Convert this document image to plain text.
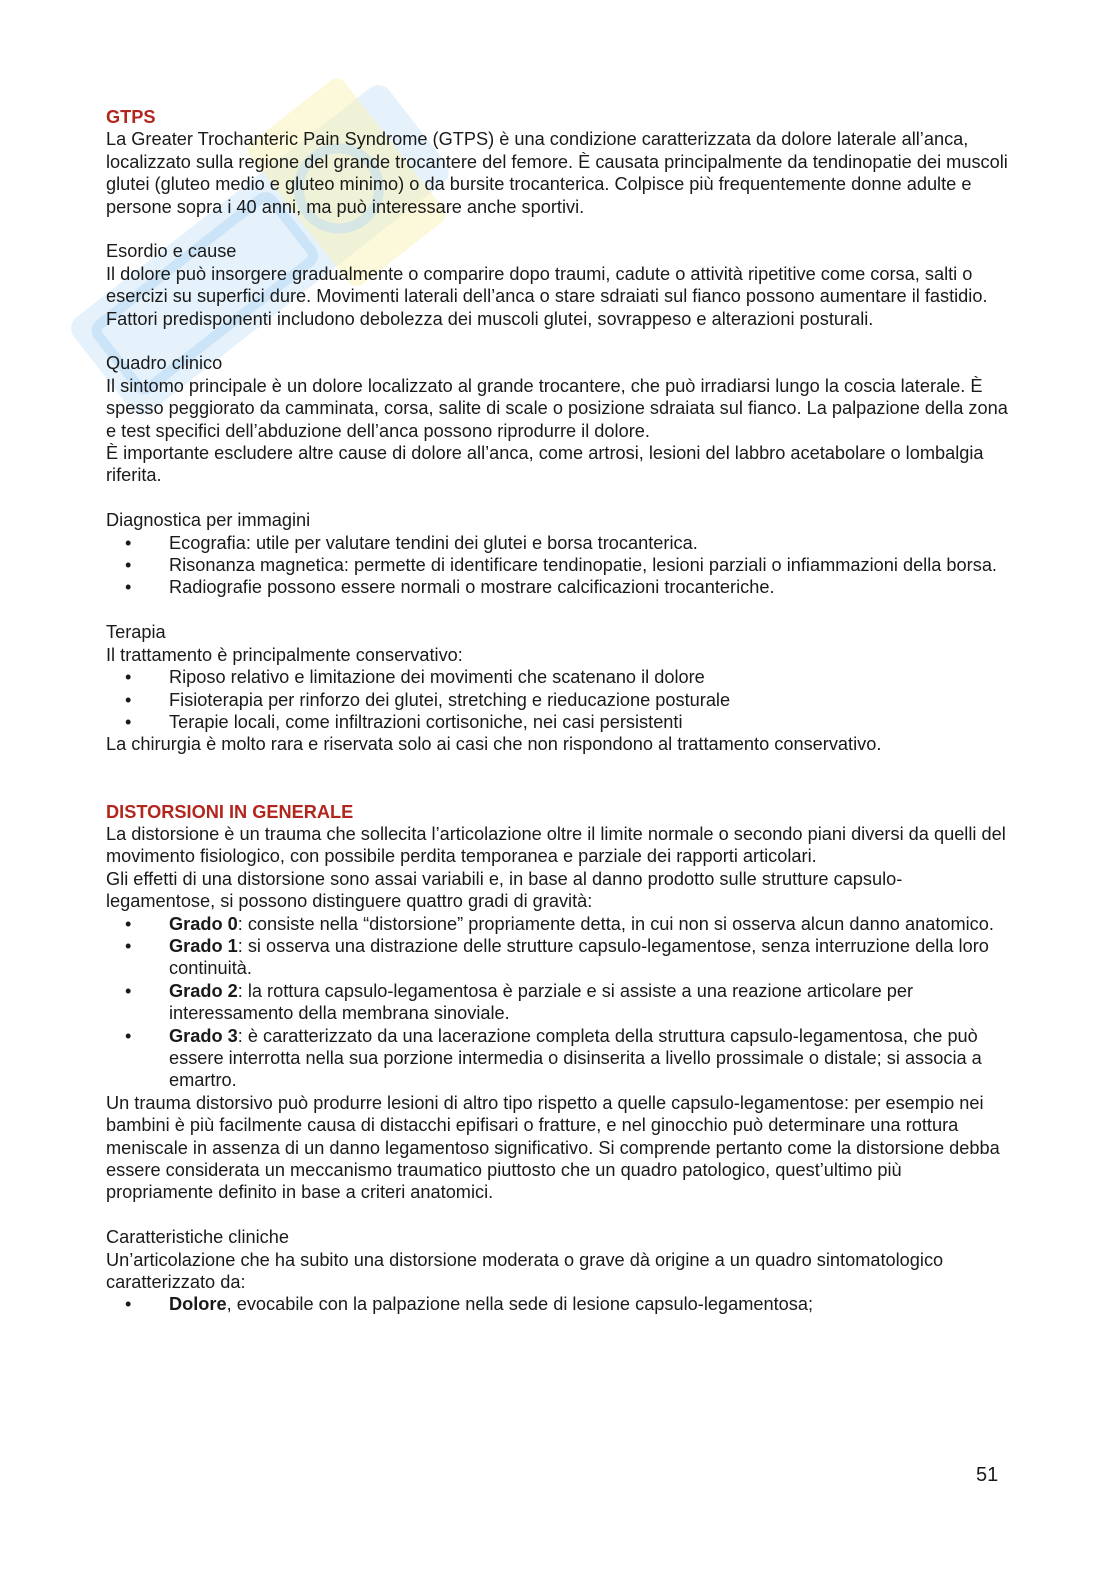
GTPS

La Greater Trochanteric Pain Syndrome (GTPS) è una condizione caratterizzata da dolore laterale all’anca, localizzato sulla regione del grande trocantere del femore. È causata principalmente da tendinopatie dei muscoli glutei (gluteo medio e gluteo minimo) o da bursite trocanterica. Colpisce più frequentemente donne adulte e persone sopra i 40 anni, ma può interessare anche sportivi.

Esordio e cause

Il dolore può insorgere gradualmente o comparire dopo traumi, cadute o attività ripetitive come corsa, salti o esercizi su superfici dure. Movimenti laterali dell’anca o stare sdraiati sul fianco possono aumentare il fastidio. Fattori predisponenti includono debolezza dei muscoli glutei, sovrappeso e alterazioni posturali.

Quadro clinico

Il sintomo principale è un dolore localizzato al grande trocantere, che può irradiarsi lungo la coscia laterale. È spesso peggiorato da camminata, corsa, salite di scale o posizione sdraiata sul fianco. La palpazione della zona e test specifici dell’abduzione dell’anca possono riprodurre il dolore.

È importante escludere altre cause di dolore all’anca, come artrosi, lesioni del labbro acetabolare o lombalgia riferita.

Diagnostica per immagini

• Ecografia: utile per valutare tendini dei glutei e borsa trocanterica.
• Risonanza magnetica: permette di identificare tendinopatie, lesioni parziali o infiammazioni della borsa.
• Radiografie possono essere normali o mostrare calcificazioni trocanteriche.

Terapia

Il trattamento è principalmente conservativo:

• Riposo relativo e limitazione dei movimenti che scatenano il dolore
• Fisioterapia per rinforzo dei glutei, stretching e rieducazione posturale
• Terapie locali, come infiltrazioni cortisoniche, nei casi persistenti

La chirurgia è molto rara e riservata solo ai casi che non rispondono al trattamento conservativo.

DISTORSIONI IN GENERALE

La distorsione è un trauma che sollecita l’articolazione oltre il limite normale o secondo piani diversi da quelli del movimento fisiologico, con possibile perdita temporanea e parziale dei rapporti articolari.

Gli effetti di una distorsione sono assai variabili e, in base al danno prodotto sulle strutture capsulo-legamentose, si possono distinguere quattro gradi di gravità:

• Grado 0: consiste nella “distorsione” propriamente detta, in cui non si osserva alcun danno anatomico.
• Grado 1: si osserva una distrazione delle strutture capsulo-legamentose, senza interruzione della loro continuità.
• Grado 2: la rottura capsulo-legamentosa è parziale e si assiste a una reazione articolare per interessamento della membrana sinoviale.
• Grado 3: è caratterizzato da una lacerazione completa della struttura capsulo-legamentosa, che può essere interrotta nella sua porzione intermedia o disinserita a livello prossimale o distale; si associa a emartro.

Un trauma distorsivo può produrre lesioni di altro tipo rispetto a quelle capsulo-legamentose: per esempio nei bambini è più facilmente causa di distacchi epifisari o fratture, e nel ginocchio può determinare una rottura meniscale in assenza di un danno legamentoso significativo. Si comprende pertanto come la distorsione debba essere considerata un meccanismo traumatico piuttosto che un quadro patologico, quest’ultimo più propriamente definito in base a criteri anatomici.

Caratteristiche cliniche

Un’articolazione che ha subito una distorsione moderata o grave dà origine a un quadro sintomatologico caratterizzato da:

• Dolore, evocabile con la palpazione nella sede di lesione capsulo-legamentosa;
51
